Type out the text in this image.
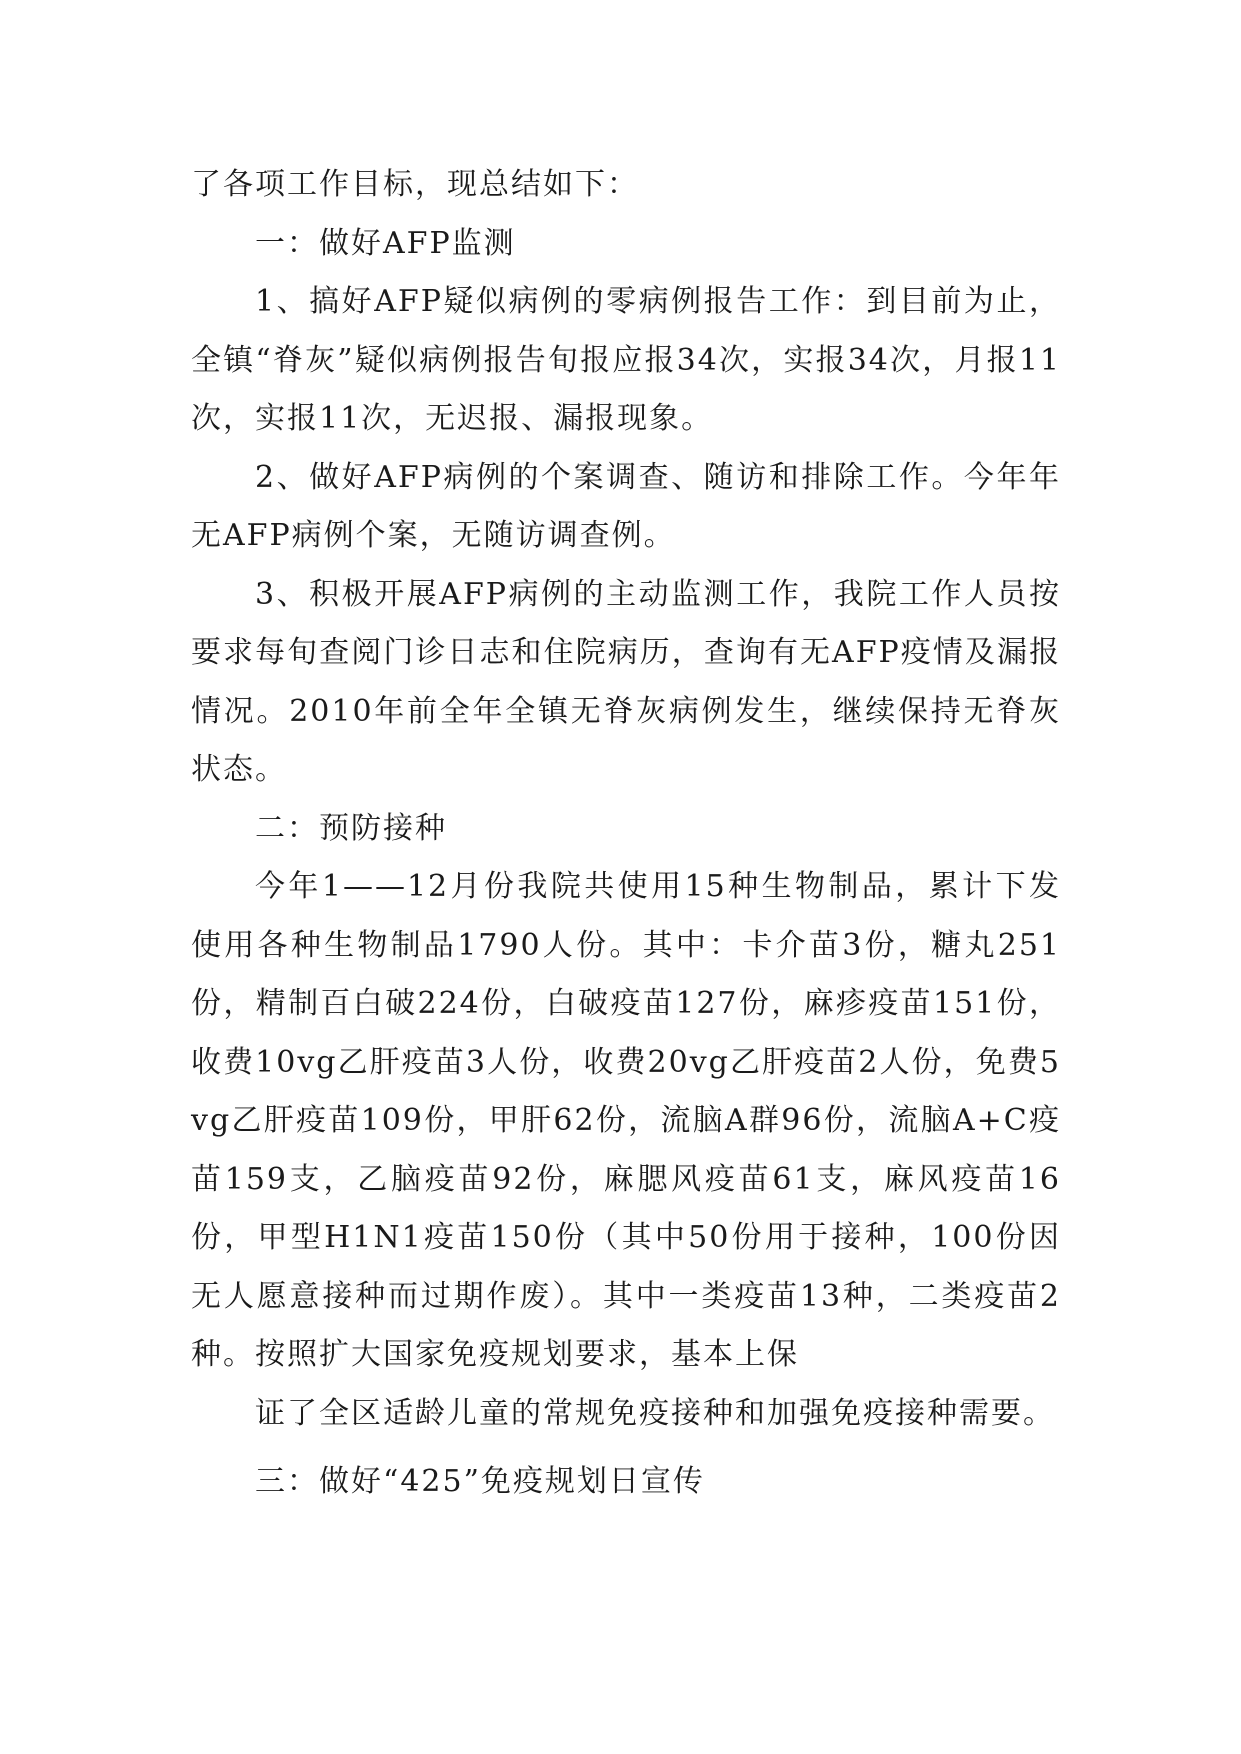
了各项工作目标，现总结如下：

一：做好AFP监测

1、搞好AFP疑似病例的零病例报告工作：到目前为止，全镇“脊灰”疑似病例报告旬报应报34次，实报34次，月报11次，实报11次，无迟报、漏报现象。

2、做好AFP病例的个案调查、随访和排除工作。今年年无AFP病例个案，无随访调查例。

3、积极开展AFP病例的主动监测工作，我院工作人员按要求每旬查阅门诊日志和住院病历，查询有无AFP疫情及漏报情况。2010年前全年全镇无脊灰病例发生，继续保持无脊灰状态。

二：预防接种

今年1——12月份我院共使用15种生物制品，累计下发使用各种生物制品1790人份。其中：卡介苗3份，糖丸251份，精制百白破224份，白破疫苗127份，麻疹疫苗151份，收费10vg乙肝疫苗3人份，收费20vg乙肝疫苗2人份，免费5vg乙肝疫苗109份，甲肝62份，流脑A群96份，流脑A+C疫苗159支，乙脑疫苗92份，麻腮风疫苗61支，麻风疫苗16份，甲型H1N1疫苗150份（其中50份用于接种，100份因无人愿意接种而过期作废）。其中一类疫苗13种，二类疫苗2种。按照扩大国家免疫规划要求，基本上保

证了全区适龄儿童的常规免疫接种和加强免疫接种需要。

三：做好“425”免疫规划日宣传
